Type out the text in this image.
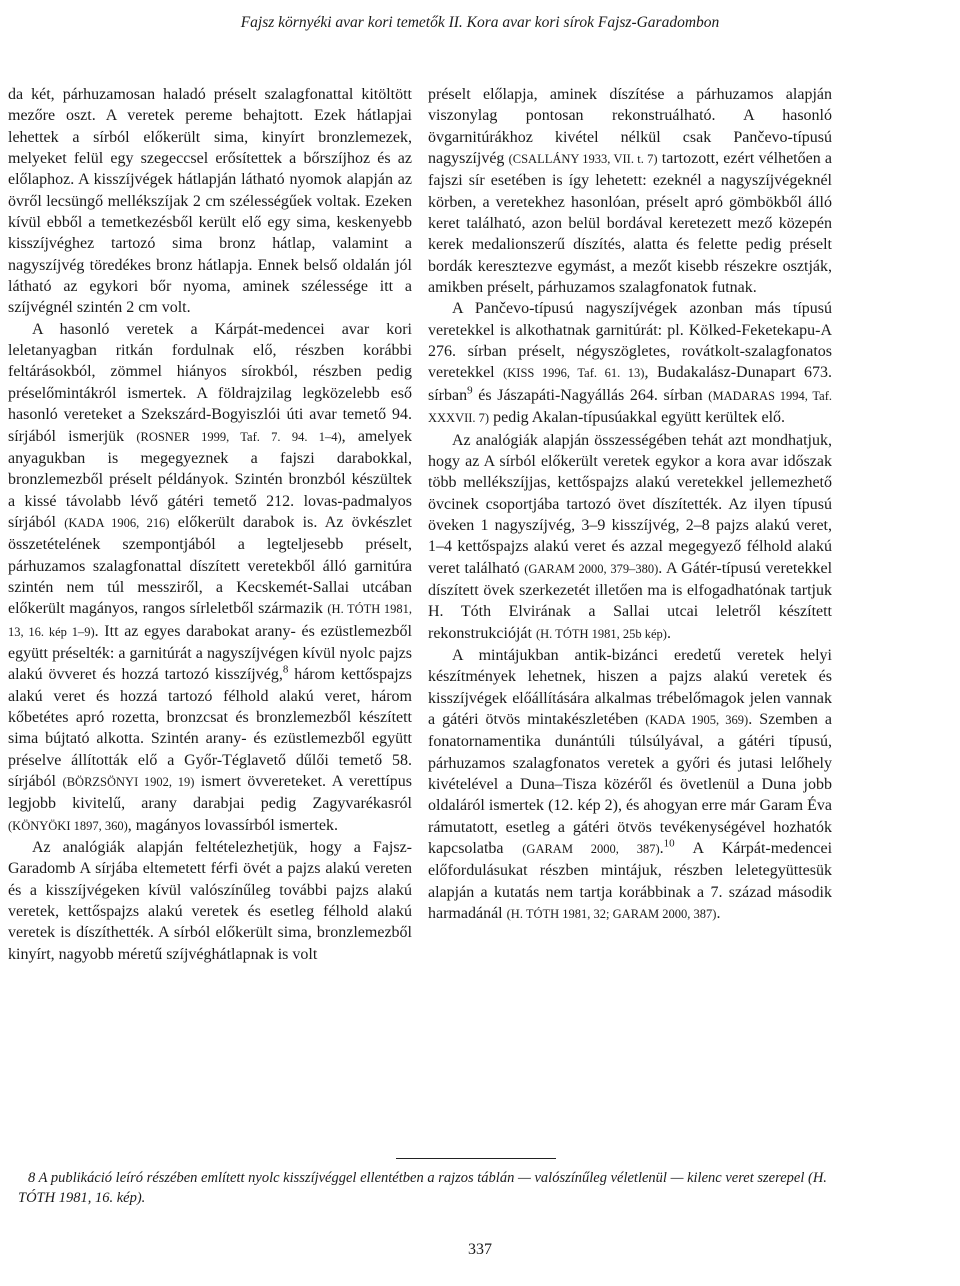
Fajsz környéki avar kori temetők II. Kora avar kori sírok Fajsz-Garadombon

da két, párhuzamosan haladó préselt szalagfonattal kitöltött mezőre oszt. A veretek pereme behajtott. Ezek hátlapjai lehettek a sírból előkerült sima, kinyírt bronzlemezek, melyeket felül egy szegeccsel erősítettek a bőrszíjhoz és az előlaphoz. A kisszíjvégek hátlapján látható nyomok alapján az övről lecsüngő mellékszíjak 2 cm szélességűek voltak. Ezeken kívül ebből a temetkezésből került elő egy sima, keskenyebb kisszíjvéghez tartozó sima bronz hátlap, valamint a nagyszíjvég töredékes bronz hátlapja. Ennek belső oldalán jól látható az egykori bőr nyoma, aminek szélessége itt a szíjvégnél szintén 2 cm volt.

A hasonló veretek a Kárpát-medencei avar kori leletanyagban ritkán fordulnak elő, részben korábbi feltárásokból, zömmel hiányos sírokból, részben pedig préselőmintákról ismertek. A földrajzilag legközelebb eső hasonló vereteket a Szekszárd-Bogyiszlói úti avar temető 94. sírjából ismerjük (ROSNER 1999, Taf. 7. 94. 1–4), amelyek anyagukban is megegyeznek a fajszi darabokkal, bronzlemezből préselt példányok. Szintén bronzból készültek a kissé távolabb lévő gátéri temető 212. lovas-padmalyos sírjából (KADA 1906, 216) előkerült darabok is. Az övkészlet összetételének szempontjából a legteljesebb préselt, párhuzamos szalagfonattal díszített veretekből álló garnitúra szintén nem túl messziről, a Kecskemét-Sallai utcában előkerült magányos, rangos sírleletből származik (H. TÓTH 1981, 13, 16. kép 1–9). Itt az egyes darabokat arany- és ezüstlemezből együtt préselték: a garnitúrát a nagyszíjvégen kívül nyolc pajzs alakú övveret és hozzá tartozó kisszíjvég,$^8$ három kettőspajzs alakú veret és hozzá tartozó félhold alakú veret, három kőbetétes apró rozetta, bronzcsat és bronzlemezből készített sima bújtató alkotta. Szintén arany- és ezüstlemezből együtt préselve állították elő a Győr-Téglavető dűlői temető 58. sírjából (BÖRZSÖNYI 1902, 19) ismert övvereteket. A verettípus legjobb kivitelű, arany darabjai pedig Zagyvarékasról (KÖNYÖKI 1897, 360), magányos lovassírból ismertek.

Az analógiák alapján feltételezhetjük, hogy a Fajsz-Garadomb A sírjába eltemetett férfi övét a pajzs alakú vereten és a kisszíjvégeken kívül valószínűleg további pajzs alakú veretek, kettőspajzs alakú veretek és esetleg félhold alakú veretek is díszíthették. A sírból előkerült sima, bronzlemezből kinyírt, nagyobb méretű szíjvéghátlapnak is volt

préselt előlapja, aminek díszítése a párhuzamos alapján viszonylag pontosan rekonstruálható. A hasonló övgarnitúrákhoz kivétel nélkül csak Pančevo-típusú nagyszíjvég (CSALLÁNY 1933, VII. t. 7) tartozott, ezért vélhetően a fajszi sír esetében is így lehetett: ezeknél a nagyszíjvégeknél körben, a veretekhez hasonlóan, préselt apró gömbökből álló keret található, azon belül bordával keretezett mező közepén kerek medalionszerű díszítés, alatta és felette pedig préselt bordák keresztezve egymást, a mezőt kisebb részekre osztják, amikben préselt, párhuzamos szalagfonatok futnak.

A Pančevo-típusú nagyszíjvégek azonban más típusú veretekkel is alkothatnak garnitúrát: pl. Kölked-Feketekapu-A 276. sírban préselt, négyszögletes, rovátkolt-szalagfonatos veretekkel (KISS 1996, Taf. 61. 13), Budakalász-Dunapart 673. sírban$^9$ és Jászapáti-Nagyállás 264. sírban (MADARAS 1994, Taf. XXXVII. 7) pedig Akalan-típusúakkal együtt kerültek elő.

Az analógiák alapján összességében tehát azt mondhatjuk, hogy az A sírból előkerült veretek egykor a kora avar időszak több mellékszíjjas, kettőspajzs alakú veretekkel jellemezhető övcinek csoportjába tartozó övet díszítették. Az ilyen típusú öveken 1 nagyszíjvég, 3–9 kisszíjvég, 2–8 pajzs alakú veret, 1–4 kettőspajzs alakú veret és azzal megegyező félhold alakú veret található (GARAM 2000, 379–380). A Gátér-típusú veretekkel díszített övek szerkezetét illetően ma is elfogadhatónak tartjuk H. Tóth Elvirának a Sallai utcai leletről készített rekonstrukcióját (H. TÓTH 1981, 25b kép).

A mintájukban antik-bizánci eredetű veretek helyi készítmények lehetnek, hiszen a pajzs alakú veretek és kisszíjvégek előállítására alkalmas trébelőmagok jelen vannak a gátéri ötvös mintakészletében (KADA 1905, 369). Szemben a fonatornamentika dunántúli túlsúlyával, a gátéri típusú, párhuzamos szalagfonatos veretek a győri és jutasi lelőhely kivételével a Duna–Tisza közéről és övetlenül a Duna jobb oldaláról ismertek (12. kép 2), és ahogyan erre már Garam Éva rámutatott, esetleg a gátéri ötvös tevékenységével hozhatók kapcsolatba (GARAM 2000, 387).$^{10}$ A Kárpát-medencei előfordulásukat részben mintájuk, részben leletegyüttesük alapján a kutatás nem tartja korábbinak a 7. század második harmadánál (H. TÓTH 1981, 32; GARAM 2000, 387).

8 A publikáció leíró részében említett nyolc kisszíjvéggel ellentétben a rajzos táblán — valószínűleg véletlenül — kilenc veret szerepel (H. TÓTH 1981, 16. kép).
337
